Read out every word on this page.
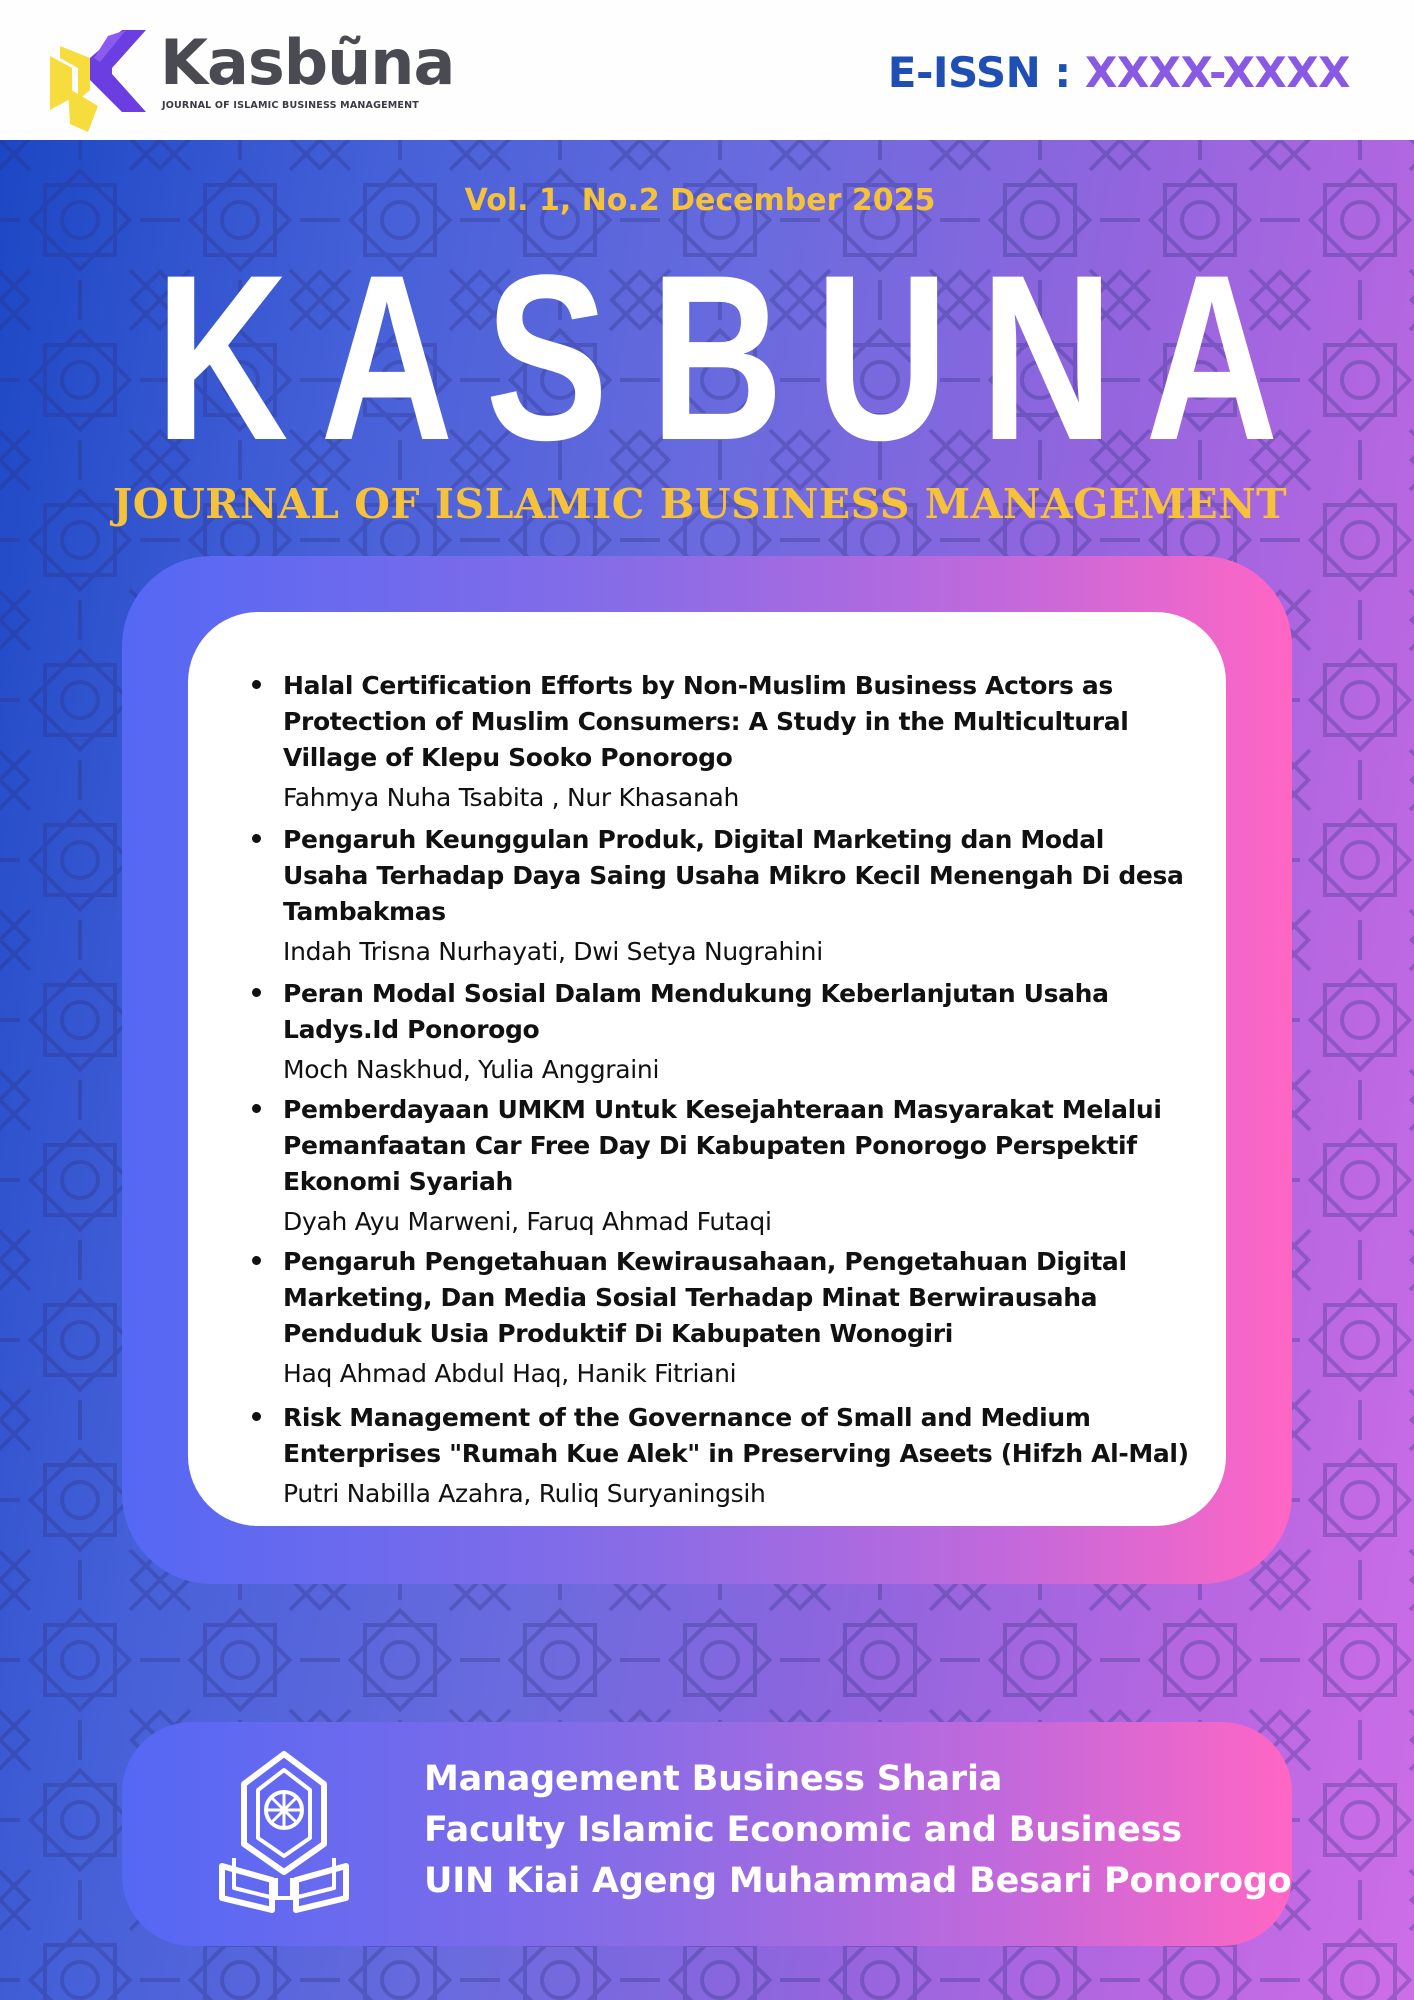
Kasbũna
JOURNAL OF ISLAMIC BUSINESS MANAGEMENT
E-ISSN : XXXX-XXXX
Vol. 1, No.2 December 2025
K A S B U N A
JOURNAL OF ISLAMIC BUSINESS MANAGEMENT
Halal Certification Efforts by Non-Muslim Business Actors as Protection of Muslim Consumers: A Study in the Multicultural Village of Klepu Sooko Ponorogo
Fahmya Nuha Tsabita , Nur Khasanah
Pengaruh Keunggulan Produk, Digital Marketing dan Modal Usaha Terhadap Daya Saing Usaha Mikro Kecil Menengah Di desa Tambakmas
Indah Trisna Nurhayati, Dwi Setya Nugrahini
Peran Modal Sosial Dalam Mendukung Keberlanjutan Usaha Ladys.Id Ponorogo
Moch Naskhud, Yulia Anggraini
Pemberdayaan UMKM Untuk Kesejahteraan Masyarakat Melalui Pemanfaatan Car Free Day Di Kabupaten Ponorogo Perspektif Ekonomi Syariah
Dyah Ayu Marweni, Faruq Ahmad Futaqi
Pengaruh Pengetahuan Kewirausahaan, Pengetahuan Digital Marketing, Dan Media Sosial Terhadap Minat Berwirausaha Penduduk Usia Produktif Di Kabupaten Wonogiri
Haq Ahmad Abdul Haq, Hanik Fitriani
Risk Management of the Governance of Small and Medium Enterprises "Rumah Kue Alek" in Preserving Aseets (Hifzh Al-Mal)
Putri Nabilla Azahra, Ruliq Suryaningsih
Management Business Sharia
Faculty Islamic Economic and Business
UIN Kiai Ageng Muhammad Besari Ponorogo
